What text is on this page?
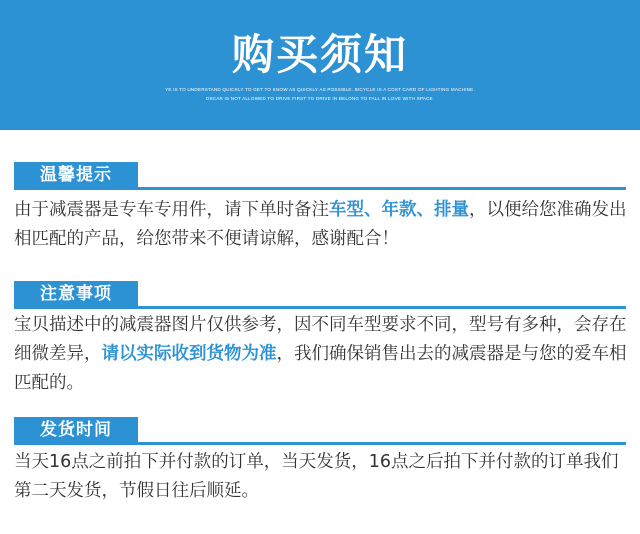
购买须知
YE IS TO UNDERSTAND QUICKLY TO GET TO KNOW AS QUICKLY AS POSSIBLE. BICYCLE IS A COST CARD OF LIGHTING MACHINE.
OSCAR IS NOT ALLOWED TO DRIVE FIRST TO DRIVE IN BELONG TO FALL IN LOVE WITH SPACE.
温馨提示
由于减震器是专车专用件，请下单时备注车型、年款、排量，以便给您准确发出相匹配的产品，给您带来不便请谅解，感谢配合！
注意事项
宝贝描述中的减震器图片仅供参考，因不同车型要求不同，型号有多种，会存在细微差异，请以实际收到货物为准，我们确保销售出去的减震器是与您的爱车相匹配的。
发货时间
当天16点之前拍下并付款的订单，当天发货，16点之后拍下并付款的订单我们第二天发货，节假日往后顺延。
